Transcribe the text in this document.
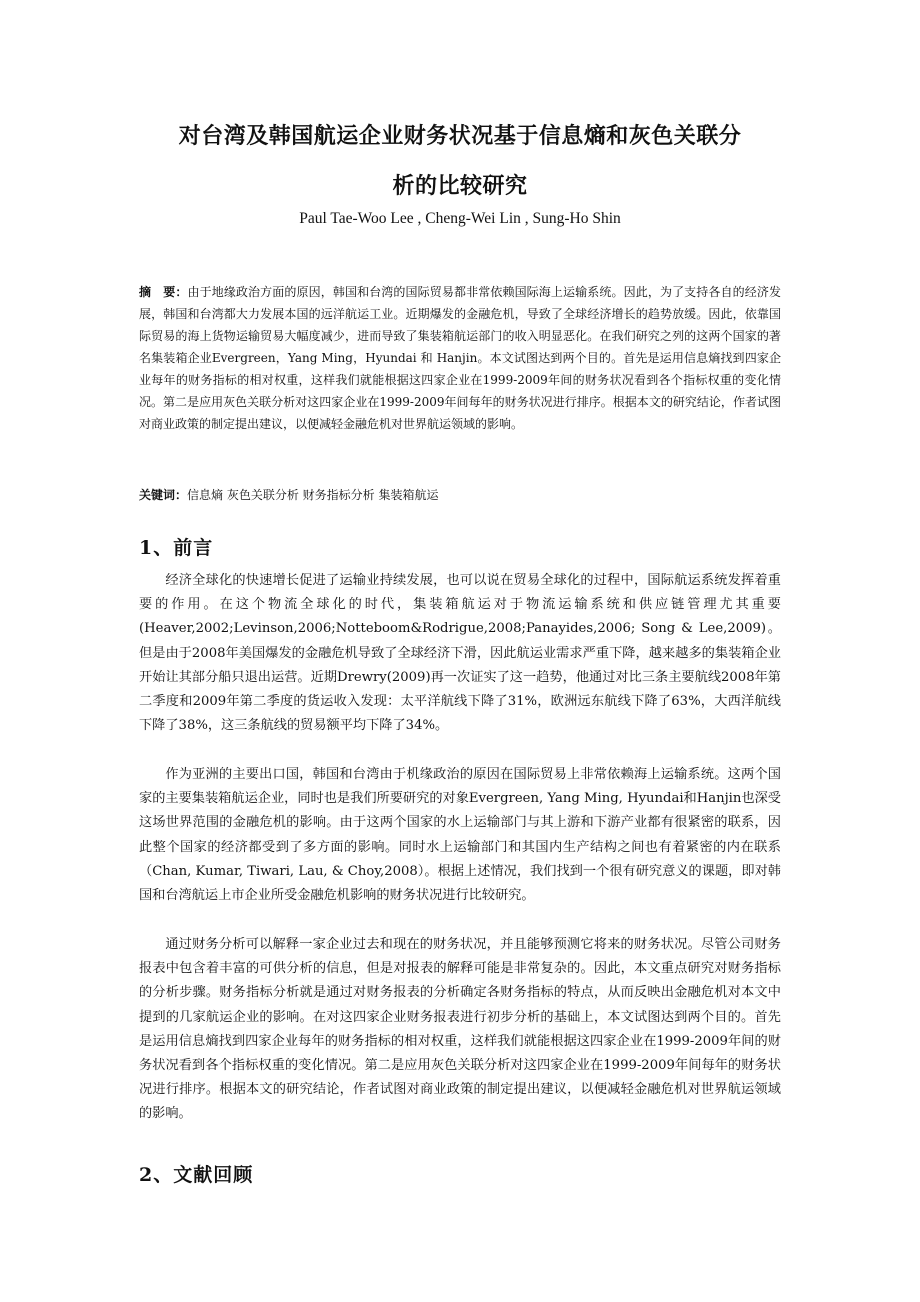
对台湾及韩国航运企业财务状况基于信息熵和灰色关联分
析的比较研究

Paul Tae-Woo Lee , Cheng-Wei Lin , Sung-Ho Shin

摘　要：由于地缘政治方面的原因，韩国和台湾的国际贸易都非常依赖国际海上运输系统。因此，为了支持各自的经济发展，韩国和台湾都大力发展本国的远洋航运工业。近期爆发的金融危机，导致了全球经济增长的趋势放缓。因此，依靠国际贸易的海上货物运输贸易大幅度减少，进而导致了集装箱航运部门的收入明显恶化。在我们研究之列的这两个国家的著名集装箱企业Evergreen，Yang Ming，Hyundai 和 Hanjin。本文试图达到两个目的。首先是运用信息熵找到四家企业每年的财务指标的相对权重，这样我们就能根据这四家企业在1999-2009年间的财务状况看到各个指标权重的变化情况。第二是应用灰色关联分析对这四家企业在1999-2009年间每年的财务状况进行排序。根据本文的研究结论，作者试图对商业政策的制定提出建议，以便减轻金融危机对世界航运领域的影响。

关键词：信息熵 灰色关联分析 财务指标分析 集装箱航运

1、前言

经济全球化的快速增长促进了运输业持续发展，也可以说在贸易全球化的过程中，国际航运系统发挥着重要的作用。在这个物流全球化的时代，集装箱航运对于物流运输系统和供应链管理尤其重要(Heaver,2002;Levinson,2006;Notteboom&Rodrigue,2008;Panayides,2006; Song & Lee,2009)。但是由于2008年美国爆发的金融危机导致了全球经济下滑，因此航运业需求严重下降，越来越多的集装箱企业开始让其部分船只退出运营。近期Drewry(2009)再一次证实了这一趋势，他通过对比三条主要航线2008年第二季度和2009年第二季度的货运收入发现：太平洋航线下降了31%，欧洲远东航线下降了63%，大西洋航线下降了38%，这三条航线的贸易额平均下降了34%。

作为亚洲的主要出口国，韩国和台湾由于机缘政治的原因在国际贸易上非常依赖海上运输系统。这两个国家的主要集装箱航运企业，同时也是我们所要研究的对象Evergreen, Yang Ming, Hyundai和Hanjin也深受这场世界范围的金融危机的影响。由于这两个国家的水上运输部门与其上游和下游产业都有很紧密的联系，因此整个国家的经济都受到了多方面的影响。同时水上运输部门和其国内生产结构之间也有着紧密的内在联系（Chan, Kumar, Tiwari, Lau, & Choy,2008）。根据上述情况，我们找到一个很有研究意义的课题，即对韩国和台湾航运上市企业所受金融危机影响的财务状况进行比较研究。

通过财务分析可以解释一家企业过去和现在的财务状况，并且能够预测它将来的财务状况。尽管公司财务报表中包含着丰富的可供分析的信息，但是对报表的解释可能是非常复杂的。因此，本文重点研究对财务指标的分析步骤。财务指标分析就是通过对财务报表的分析确定各财务指标的特点，从而反映出金融危机对本文中提到的几家航运企业的影响。在对这四家企业财务报表进行初步分析的基础上，本文试图达到两个目的。首先是运用信息熵找到四家企业每年的财务指标的相对权重，这样我们就能根据这四家企业在1999-2009年间的财务状况看到各个指标权重的变化情况。第二是应用灰色关联分析对这四家企业在1999-2009年间每年的财务状况进行排序。根据本文的研究结论，作者试图对商业政策的制定提出建议，以便减轻金融危机对世界航运领域的影响。

2、文献回顾
